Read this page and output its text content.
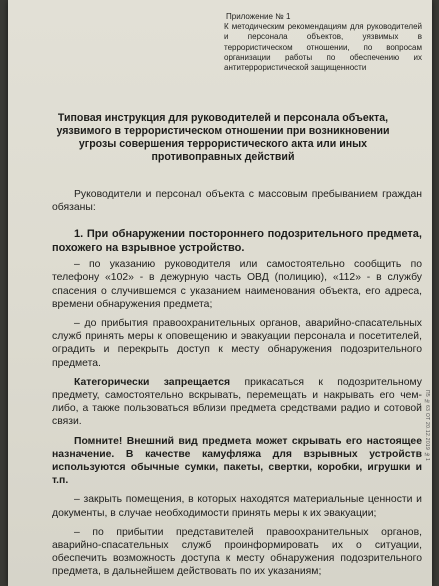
Приложение № 1
К методическим рекомендациям для руководителей и персонала объектов, уязвимых в террористическом отношении, по вопросам организации работы по обеспечению их антитеррористической защищенности
Типовая инструкция для руководителей и персонала объекта, уязвимого в террористическом отношении при возникновении угрозы совершения террористического акта или иных противоправных действий

Руководители и персонал объекта с массовым пребыванием граждан обязаны:

1. При обнаружении постороннего подозрительного предмета, похожего на взрывное устройство.

– по указанию руководителя или самостоятельно сообщить по телефону «102» - в дежурную часть ОВД (полицию), «112» - в службу спасения о случившемся с указанием наименования объекта, его адреса, времени обнаружения предмета;

– до прибытия правоохранительных органов, аварийно-спасательных служб принять меры к оповещению и эвакуации персонала и посетителей, оградить и перекрыть доступ к месту обнаружения подозрительного предмета.

Категорически запрещается прикасаться к подозрительному предмету, самостоятельно вскрывать, перемещать и накрывать его чем-либо, а также пользоваться вблизи предмета средствами радио и сотовой связи.

Помните! Внешний вид предмета может скрывать его настоящее назначение. В качестве камуфляжа для взрывных устройств используются обычные сумки, пакеты, свертки, коробки, игрушки и т.п.

– закрыть помещения, в которых находятся материальные ценности и документы, в случае необходимости принять меры к их эвакуации;

– по прибытии представителей правоохранительных органов, аварийно-спасательных служб проинформировать их о ситуации, обеспечить возможность доступа к месту обнаружения подозрительного предмета, в дальнейшем действовать по их указаниям;

П5 №63 ОТ 20.12.2019 №1
